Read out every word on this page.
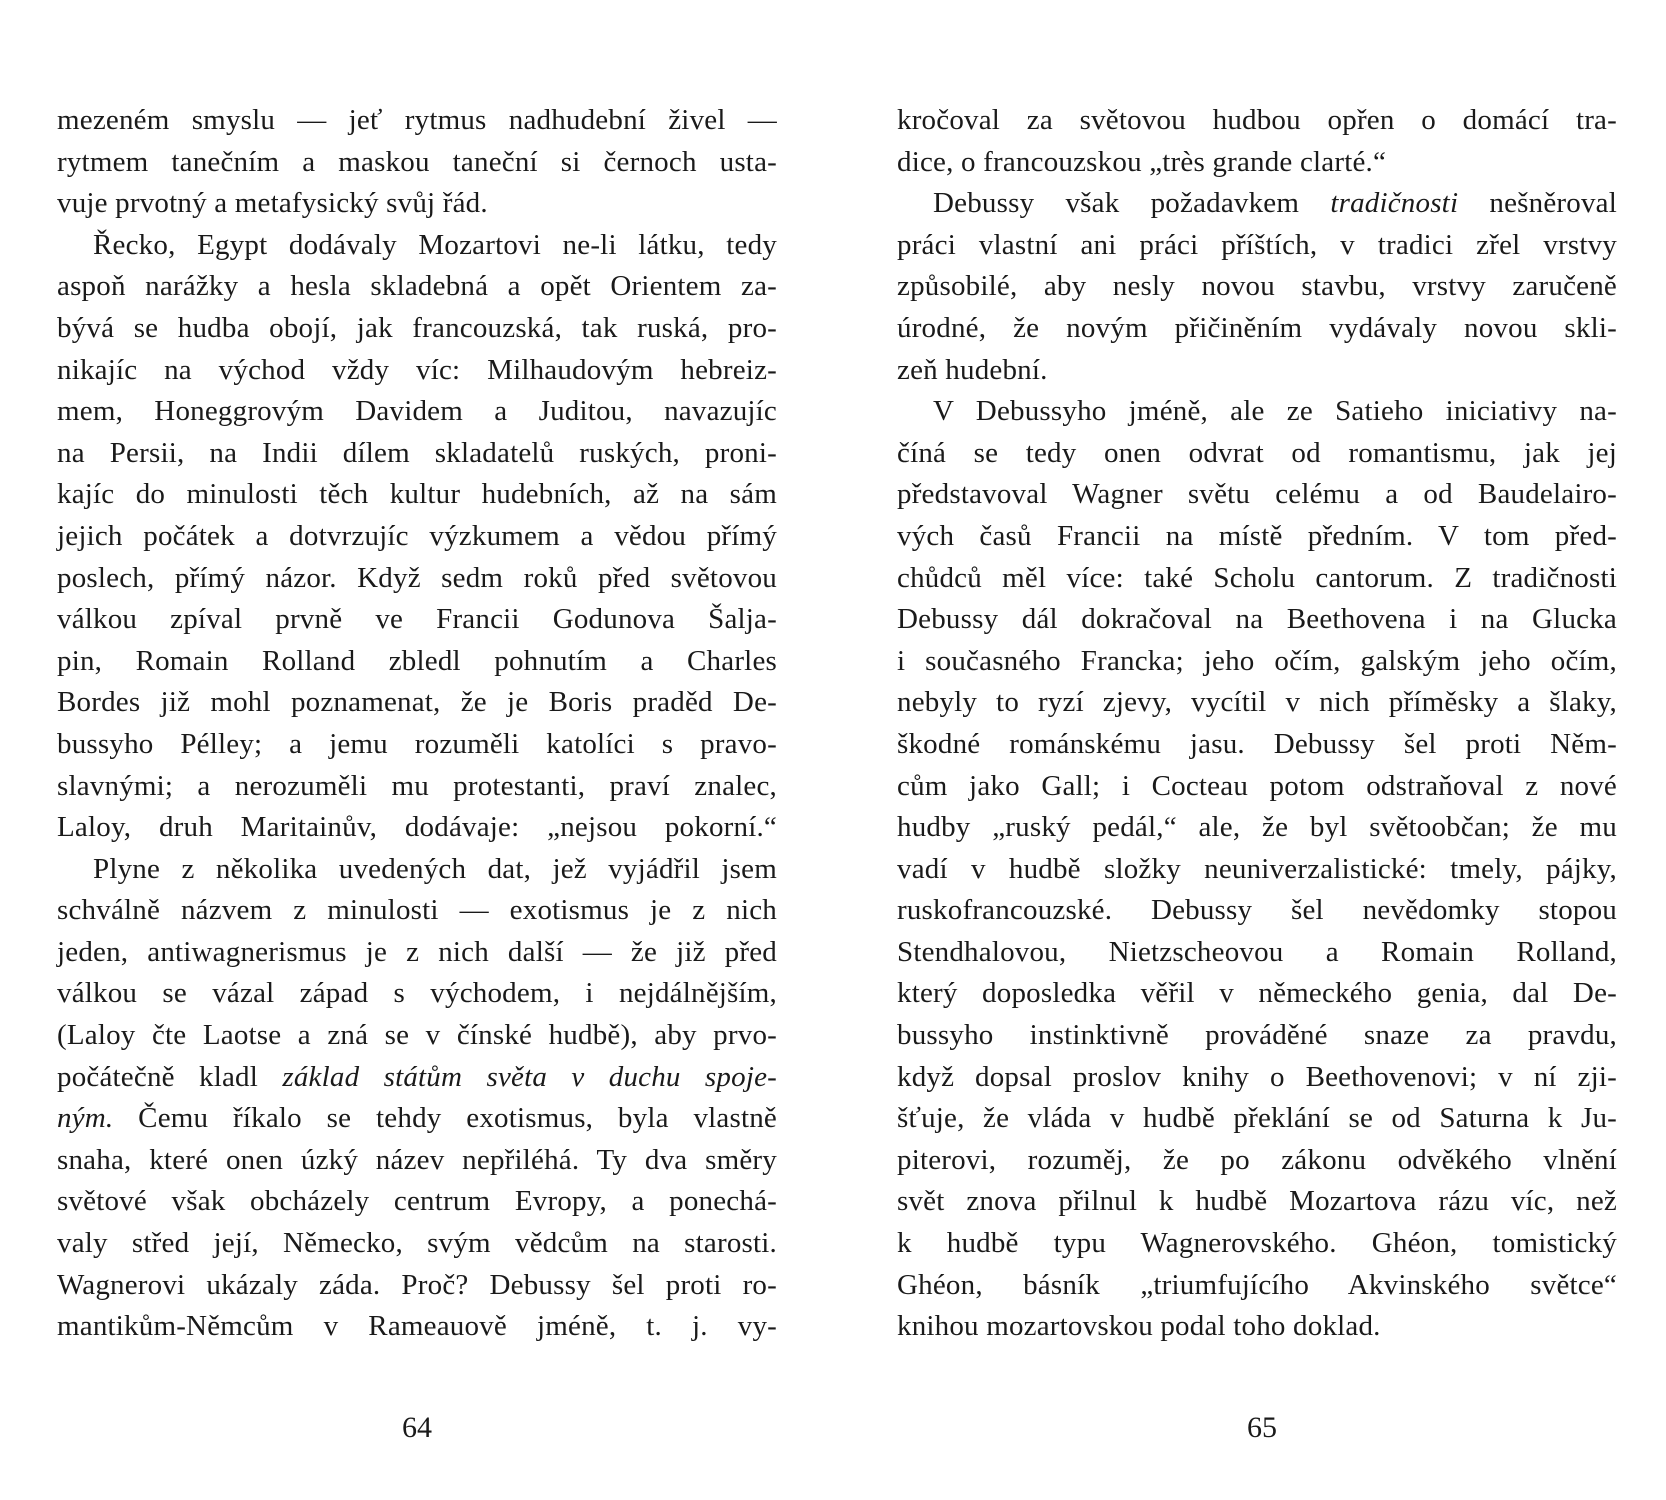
mezeném smyslu — jeť rytmus nadhudební živel —
rytmem tanečním a maskou taneční si černoch usta-
vuje prvotný a metafysický svůj řád.
Řecko, Egypt dodávaly Mozartovi ne-li látku, tedy
aspoň narážky a hesla skladebná a opět Orientem za-
bývá se hudba obojí, jak francouzská, tak ruská, pro-
nikajíc na východ vždy víc: Milhaudovým hebreiz-
mem, Honeggrovým Davidem a Juditou, navazujíc
na Persii, na Indii dílem skladatelů ruských, proni-
kajíc do minulosti těch kultur hudebních, až na sám
jejich počátek a dotvrzujíc výzkumem a vědou přímý
poslech, přímý názor. Když sedm roků před světovou
válkou zpíval prvně ve Francii Godunova Šalja-
pin, Romain Rolland zbledl pohnutím a Charles
Bordes již mohl poznamenat, že je Boris praděd De-
bussyho Pélley; a jemu rozuměli katolíci s pravo-
slavnými; a nerozuměli mu protestanti, praví znalec,
Laloy, druh Maritainův, dodávaje: „nejsou pokorní.“
Plyne z několika uvedených dat, jež vyjádřil jsem
schválně názvem z minulosti — exotismus je z nich
jeden, antiwagnerismus je z nich další — že již před
válkou se vázal západ s východem, i nejdálnějším,
(Laloy čte Laotse a zná se v čínské hudbě), aby prvo-
počátečně kladl základ státům světa v duchu spoje-
ným. Čemu říkalo se tehdy exotismus, byla vlastně
snaha, které onen úzký název nepřiléhá. Ty dva směry
světové však obcházely centrum Evropy, a ponechá-
valy střed její, Německo, svým vědcům na starosti.
Wagnerovi ukázaly záda. Proč? Debussy šel proti ro-
mantikům-Němcům v Rameauově jméně, t. j. vy-
kročoval za světovou hudbou opřen o domácí tra-
dice, o francouzskou „très grande clarté.“
Debussy však požadavkem tradičnosti nešněroval
práci vlastní ani práci příštích, v tradici zřel vrstvy
způsobilé, aby nesly novou stavbu, vrstvy zaručeně
úrodné, že novým přičiněním vydávaly novou skli-
zeň hudební.
V Debussyho jméně, ale ze Satieho iniciativy na-
číná se tedy onen odvrat od romantismu, jak jej
představoval Wagner světu celému a od Baudelairo-
vých časů Francii na místě předním. V tom před-
chůdců měl více: také Scholu cantorum. Z tradičnosti
Debussy dál dokračoval na Beethovena i na Glucka
i současného Francka; jeho očím, galským jeho očím,
nebyly to ryzí zjevy, vycítil v nich příměsky a šlaky,
škodné románskému jasu. Debussy šel proti Něm-
cům jako Gall; i Cocteau potom odstraňoval z nové
hudby „ruský pedál,“ ale, že byl světoobčan; že mu
vadí v hudbě složky neuniverzalistické: tmely, pájky,
ruskofrancouzské. Debussy šel nevědomky stopou
Stendhalovou, Nietzscheovou a Romain Rolland,
který doposledka věřil v německého genia, dal De-
bussyho instinktivně prováděné snaze za pravdu,
když dopsal proslov knihy o Beethovenovi; v ní zji-
šťuje, že vláda v hudbě překlání se od Saturna k Ju-
piterovi, rozuměj, že po zákonu odvěkého vlnění
svět znova přilnul k hudbě Mozartova rázu víc, než
k hudbě typu Wagnerovského. Ghéon, tomistický
Ghéon, básník „triumfujícího Akvinského světce“
knihou mozartovskou podal toho doklad.
64	65
